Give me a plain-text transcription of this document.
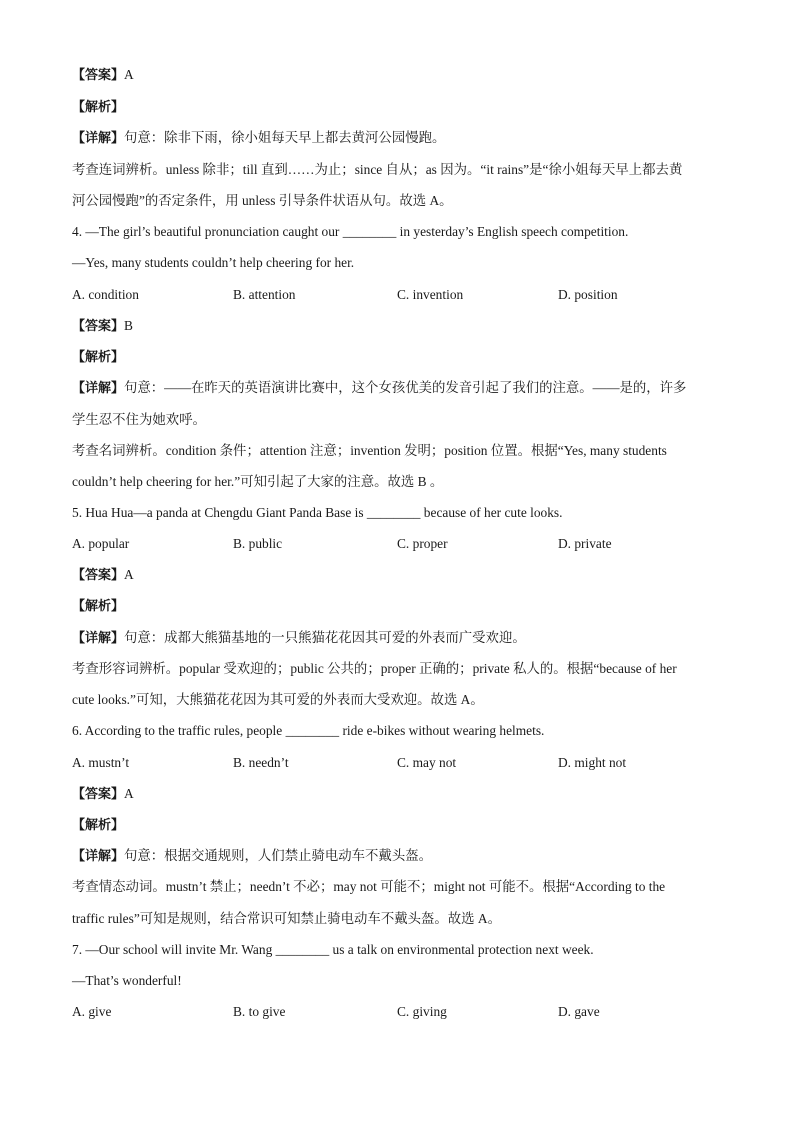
【答案】A
【解析】
【详解】句意：除非下雨，徐小姐每天早上都去黄河公园慢跑。
考查连词辨析。unless 除非；till 直到……为止；since 自从；as 因为。“it rains”是“徐小姐每天早上都去黄
河公园慢跑”的否定条件，用 unless 引导条件状语从句。故选 A。
4. —The girl’s beautiful pronunciation caught our ________ in yesterday’s English speech competition.
—Yes, many students couldn’t help cheering for her.
A. condition	B. attention	C. invention	D. position
【答案】B
【解析】
【详解】句意：——在昨天的英语演讲比赛中，这个女孩优美的发音引起了我们的注意。——是的，许多
学生忍不住为她欢呼。
考查名词辨析。condition 条件；attention 注意；invention 发明；position 位置。根据“Yes, many students
couldn’t help cheering for her.”可知引起了大家的注意。故选 B 。
5. Hua Hua—a panda at Chengdu Giant Panda Base is ________ because of her cute looks.
A. popular	B. public	C. proper	D. private
【答案】A
【解析】
【详解】句意：成都大熊猫基地的一只熊猫花花因其可爱的外表而广受欢迎。
考查形容词辨析。popular 受欢迎的；public 公共的；proper 正确的；private 私人的。根据“because of her
cute looks.”可知，大熊猫花花因为其可爱的外表而大受欢迎。故选 A。
6. According to the traffic rules, people ________ ride e-bikes without wearing helmets.
A. mustn’t	B. needn’t	C. may not	D. might not
【答案】A
【解析】
【详解】句意：根据交通规则，人们禁止骑电动车不戴头盔。
考查情态动词。mustn’t 禁止；needn’t 不必；may not 可能不；might not 可能不。根据“According to the
traffic rules”可知是规则，结合常识可知禁止骑电动车不戴头盔。故选 A。
7. —Our school will invite Mr. Wang ________ us a talk on environmental protection next week.
—That’s wonderful!
A. give	B. to give	C. giving	D. gave
